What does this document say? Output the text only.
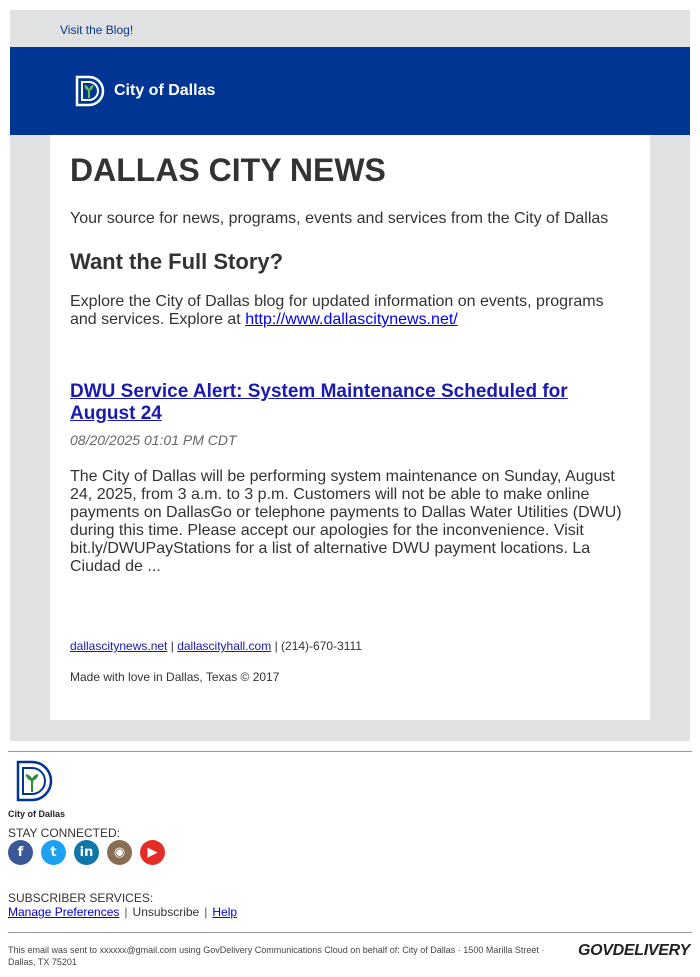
Visit the Blog!
City of Dallas
DALLAS CITY NEWS

Your source for news, programs, events and services from the City of Dallas

Want the Full Story?

Explore the City of Dallas blog for updated information on events, programs and services. Explore at http://www.dallascitynews.net/

DWU Service Alert: System Maintenance Scheduled for August 24

08/20/2025 01:01 PM CDT

The City of Dallas will be performing system maintenance on Sunday, August 24, 2025, from 3 a.m. to 3 p.m. Customers will not be able to make online payments on DallasGo or telephone payments to Dallas Water Utilities (DWU) during this time. Please accept our apologies for the inconvenience. Visit bit.ly/DWUPayStations for a list of alternative DWU payment locations. La Ciudad de ...

dallascitynews.net | dallascityhall.com | (214)-670-3111

Made with love in Dallas, Texas © 2017

City of Dallas
STAY CONNECTED:
f	t	in	◉	▶
SUBSCRIBER SERVICES:
Manage Preferences | Unsubscribe | Help
This email was sent to xxxxxx@gmail.com using GovDelivery Communications Cloud on behalf of: City of Dallas · 1500 Marilla Street · Dallas, TX 75201
GOVDELIVERY
